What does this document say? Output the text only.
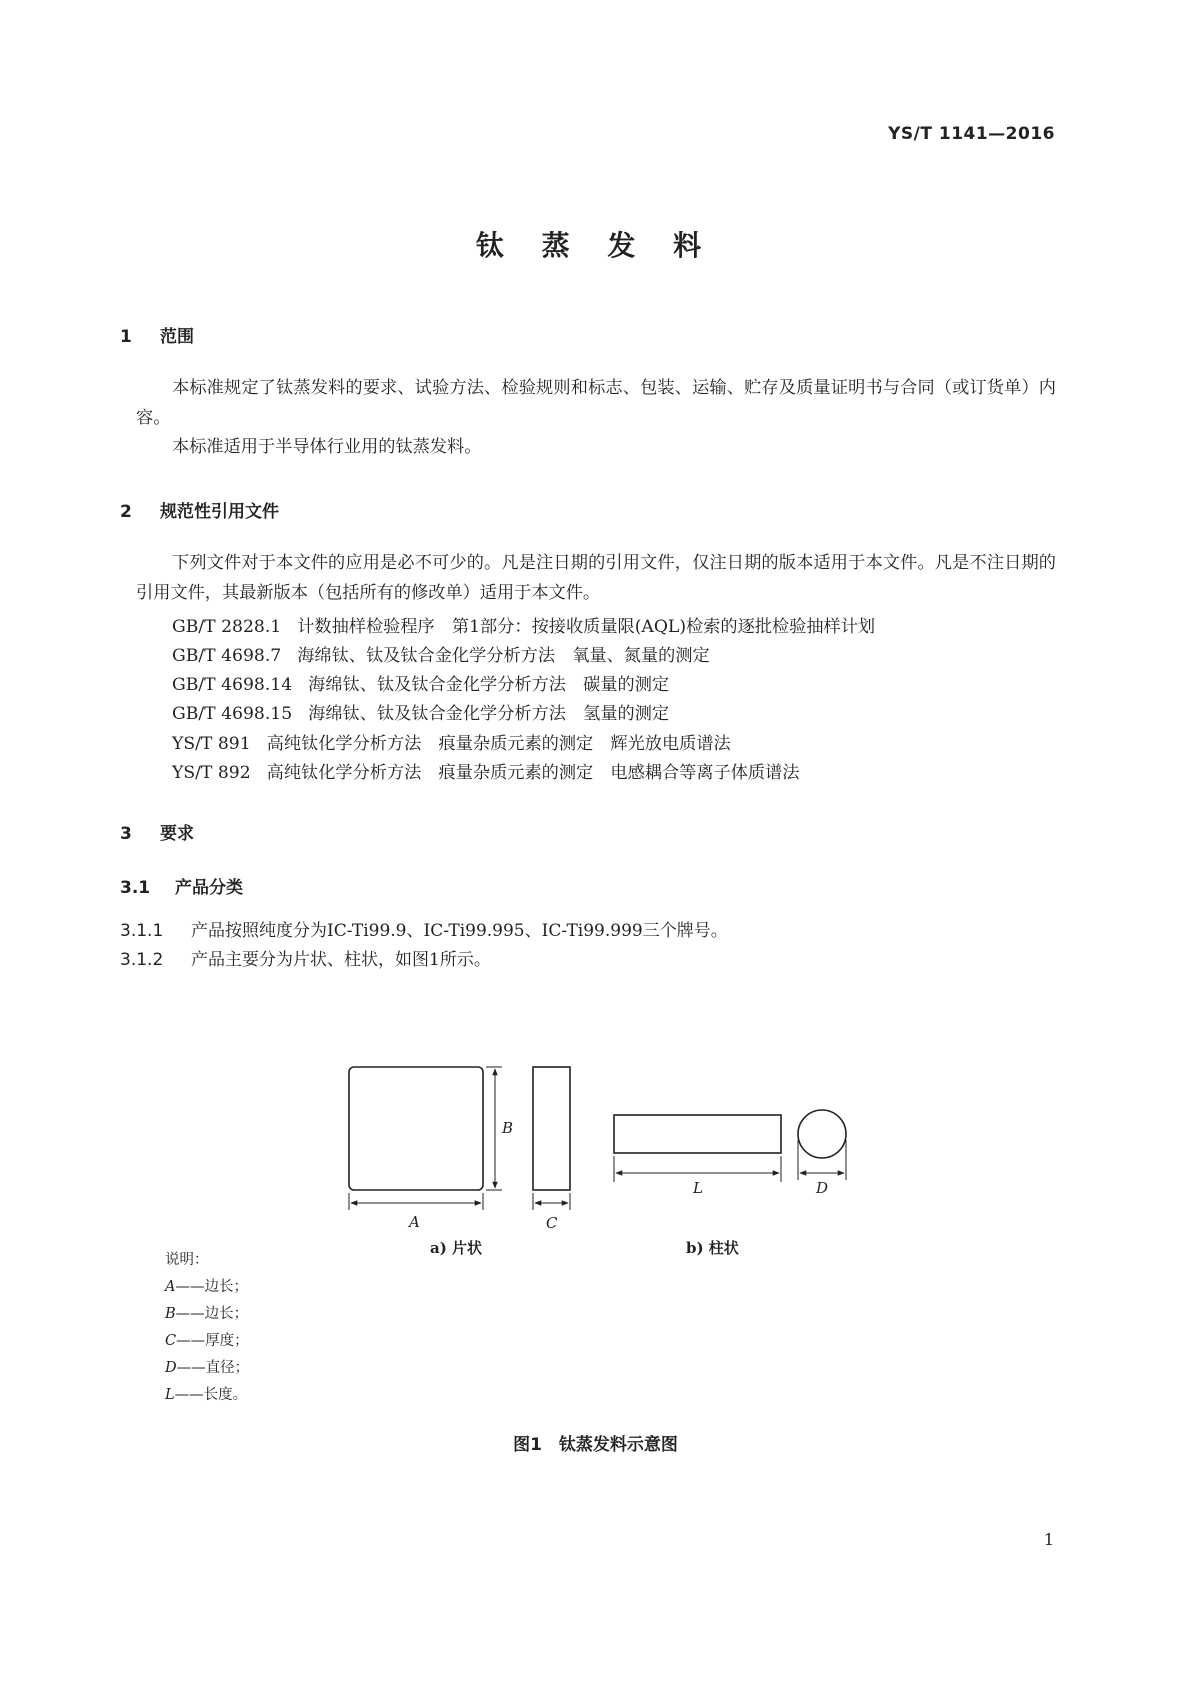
YS/T 1141—2016
钛 蒸 发 料
1 范围
本标准规定了钛蒸发料的要求、试验方法、检验规则和标志、包装、运输、贮存及质量证明书与合同（或订货单）内容。
本标准适用于半导体行业用的钛蒸发料。
2 规范性引用文件
下列文件对于本文件的应用是必不可少的。凡是注日期的引用文件，仅注日期的版本适用于本文件。凡是不注日期的引用文件，其最新版本（包括所有的修改单）适用于本文件。
GB/T 2828.1 计数抽样检验程序　第1部分：按接收质量限(AQL)检索的逐批检验抽样计划
GB/T 4698.7 海绵钛、钛及钛合金化学分析方法　氧量、氮量的测定
GB/T 4698.14 海绵钛、钛及钛合金化学分析方法　碳量的测定
GB/T 4698.15 海绵钛、钛及钛合金化学分析方法　氢量的测定
YS/T 891 高纯钛化学分析方法　痕量杂质元素的测定　辉光放电质谱法
YS/T 892 高纯钛化学分析方法　痕量杂质元素的测定　电感耦合等离子体质谱法
3 要求
3.1 产品分类
3.1.1 产品按照纯度分为IC-Ti99.9、IC-Ti99.995、IC-Ti99.999三个牌号。
3.1.2 产品主要分为片状、柱状，如图1所示。
A
B
C
L	D
a) 片状	b) 柱状
说明：
A——边长；
B——边长；
C——厚度；
D——直径；
L——长度。
图1　钛蒸发料示意图
1
